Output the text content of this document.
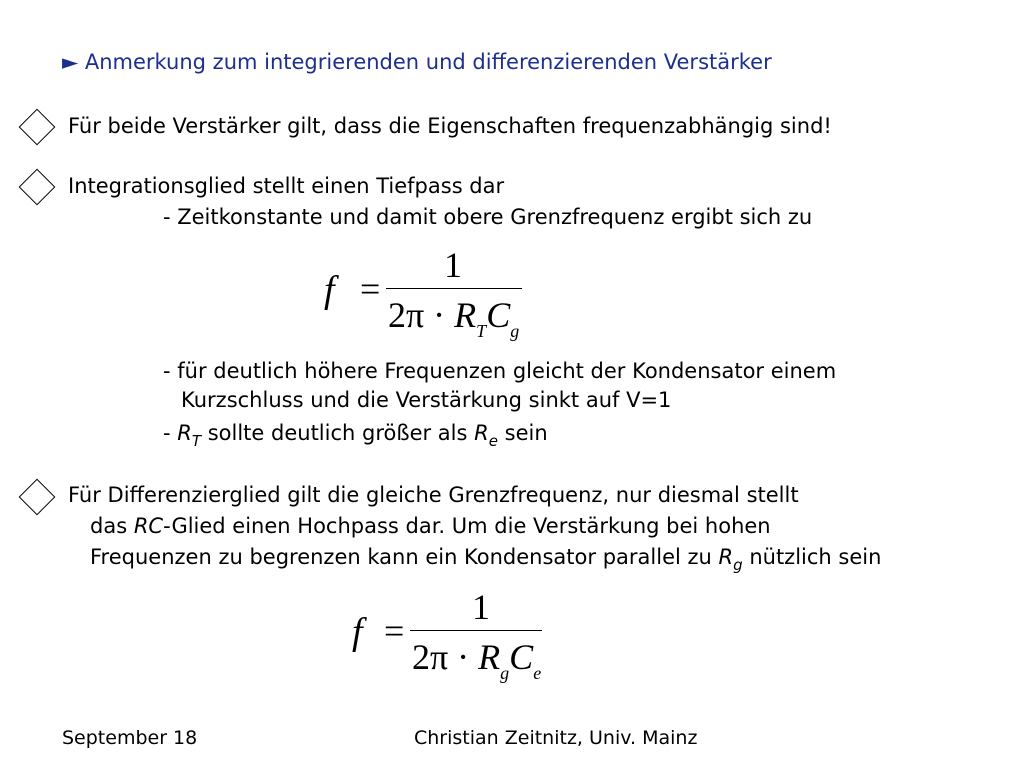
► Anmerkung zum integrierenden und differenzierenden Verstärker
Für beide Verstärker gilt, dass die Eigenschaften frequenzabhängig sind!
Integrationsglied stellt einen Tiefpass dar
- Zeitkonstante und damit obere Grenzfrequenz ergibt sich zu
f =
1
$2\pi \cdot R_TC_g$
- für deutlich höhere Frequenzen gleicht der Kondensator einem
Kurzschluss und die Verstärkung sinkt auf V=1
- $R_T$ sollte deutlich größer als $R_e$ sein
Für Differenzierglied gilt die gleiche Grenzfrequenz, nur diesmal stellt
das RC-Glied einen Hochpass dar. Um die Verstärkung bei hohen
Frequenzen zu begrenzen kann ein Kondensator parallel zu $R_g$ nützlich sein
f =
1
$2\pi \cdot R_gC_e$
September 18	Christian Zeitnitz, Univ. Mainz
